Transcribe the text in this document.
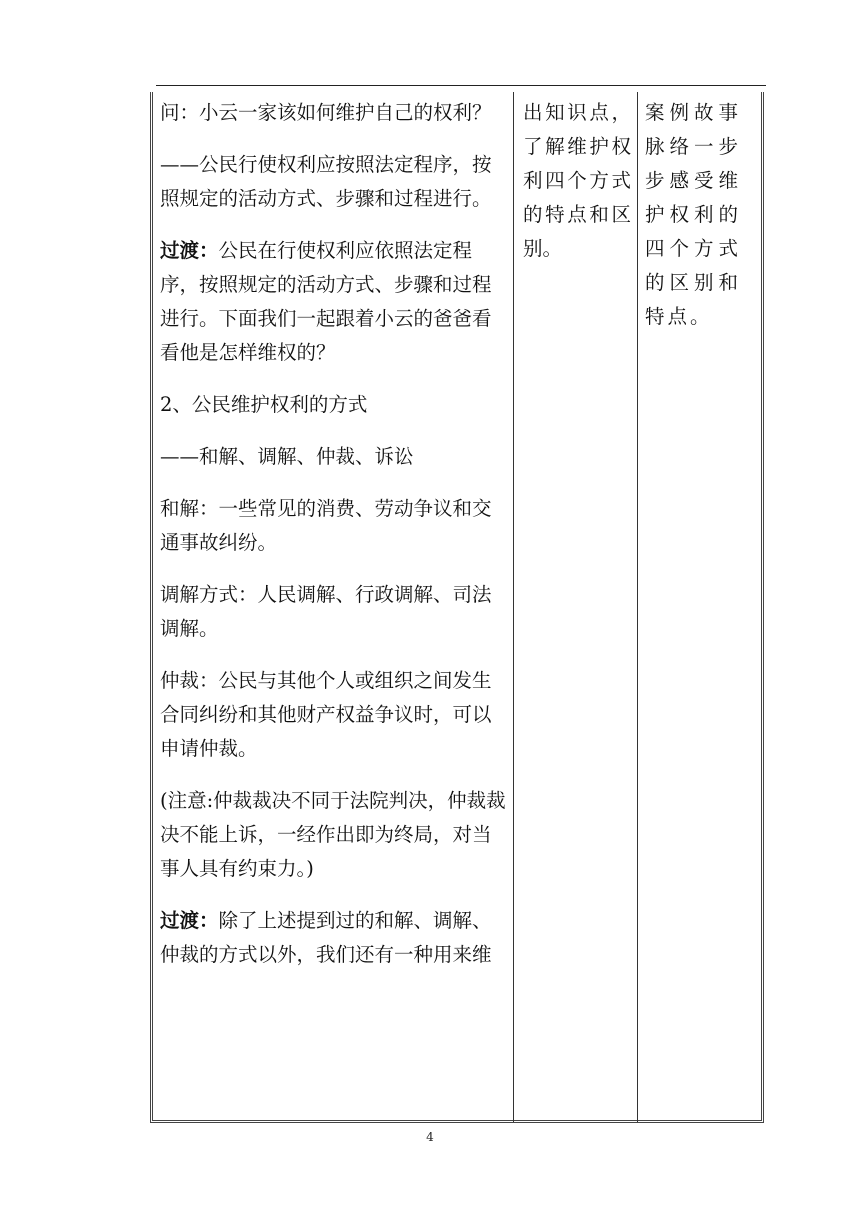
问：小云一家该如何维护自己的权利？

——公民行使权利应按照法定程序，按照规定的活动方式、步骤和过程进行。

过渡：公民在行使权利应依照法定程序，按照规定的活动方式、步骤和过程进行。下面我们一起跟着小云的爸爸看看他是怎样维权的？

2、公民维护权利的方式

——和解、调解、仲裁、诉讼

和解：一些常见的消费、劳动争议和交通事故纠纷。

调解方式：人民调解、行政调解、司法调解。

仲裁：公民与其他个人或组织之间发生合同纠纷和其他财产权益争议时，可以申请仲裁。

(注意:仲裁裁决不同于法院判决，仲裁裁决不能上诉，一经作出即为终局，对当事人具有约束力。)

过渡：除了上述提到过的和解、调解、仲裁的方式以外，我们还有一种用来维

出知识点，了解维护权利四个方式的特点和区别。

案例故事脉络一步步感受维护权利的四个方式的区别和特点。

4
